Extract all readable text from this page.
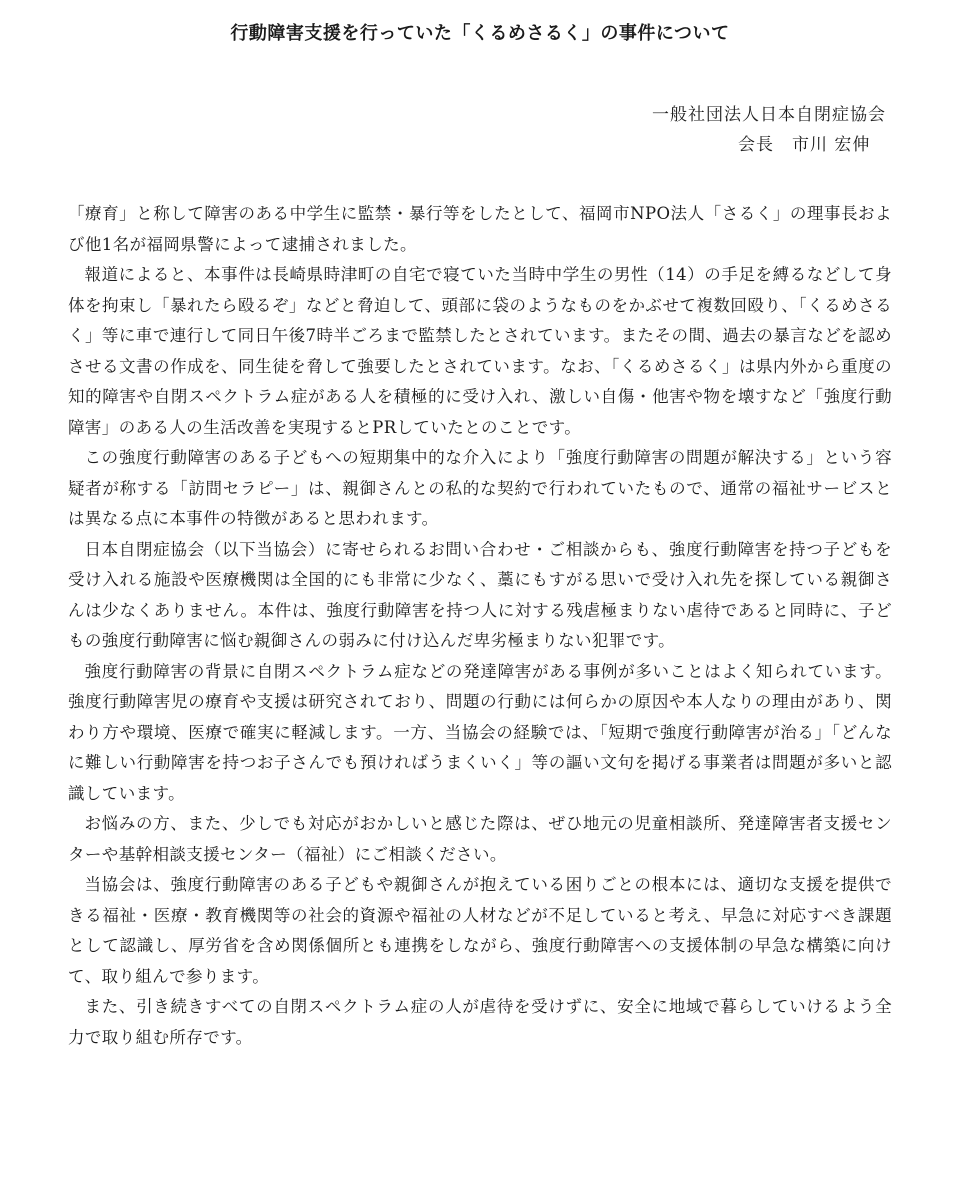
行動障害支援を行っていた「くるめさるく」の事件について
一般社団法人日本自閉症協会
会長　 市川 宏伸

「療育」と称して障害のある中学生に監禁・暴行等をしたとして、福岡市NPO法人「さるく」の理事長および他1名が福岡県警によって逮捕されました。

報道によると、本事件は長崎県時津町の自宅で寝ていた当時中学生の男性（14）の手足を縛るなどして身体を拘束し「暴れたら殴るぞ」などと脅迫して、頭部に袋のようなものをかぶせて複数回殴り、「くるめさるく」等に車で連行して同日午後7時半ごろまで監禁したとされています。またその間、過去の暴言などを認めさせる文書の作成を、同生徒を脅して強要したとされています。なお、「くるめさるく」は県内外から重度の知的障害や自閉スペクトラム症がある人を積極的に受け入れ、激しい自傷・他害や物を壊すなど「強度行動障害」のある人の生活改善を実現するとPRしていたとのことです。

この強度行動障害のある子どもへの短期集中的な介入により「強度行動障害の問題が解決する」という容疑者が称する「訪問セラピー」は、親御さんとの私的な契約で行われていたもので、通常の福祉サービスとは異なる点に本事件の特徴があると思われます。

日本自閉症協会（以下当協会）に寄せられるお問い合わせ・ご相談からも、強度行動障害を持つ子どもを受け入れる施設や医療機関は全国的にも非常に少なく、藁にもすがる思いで受け入れ先を探している親御さんは少なくありません。本件は、強度行動障害を持つ人に対する残虐極まりない虐待であると同時に、子どもの強度行動障害に悩む親御さんの弱みに付け込んだ卑劣極まりない犯罪です。

強度行動障害の背景に自閉スペクトラム症などの発達障害がある事例が多いことはよく知られています。強度行動障害児の療育や支援は研究されており、問題の行動には何らかの原因や本人なりの理由があり、関わり方や環境、医療で確実に軽減します。一方、当協会の経験では、「短期で強度行動障害が治る」「どんなに難しい行動障害を持つお子さんでも預ければうまくいく」等の謳い文句を掲げる事業者は問題が多いと認識しています。

お悩みの方、また、少しでも対応がおかしいと感じた際は、ぜひ地元の児童相談所、発達障害者支援センターや基幹相談支援センター（福祉）にご相談ください。

当協会は、強度行動障害のある子どもや親御さんが抱えている困りごとの根本には、適切な支援を提供できる福祉・医療・教育機関等の社会的資源や福祉の人材などが不足していると考え、早急に対応すべき課題として認識し、厚労省を含め関係個所とも連携をしながら、強度行動障害への支援体制の早急な構築に向けて、取り組んで参ります。

また、引き続きすべての自閉スペクトラム症の人が虐待を受けずに、安全に地域で暮らしていけるよう全力で取り組む所存です。
